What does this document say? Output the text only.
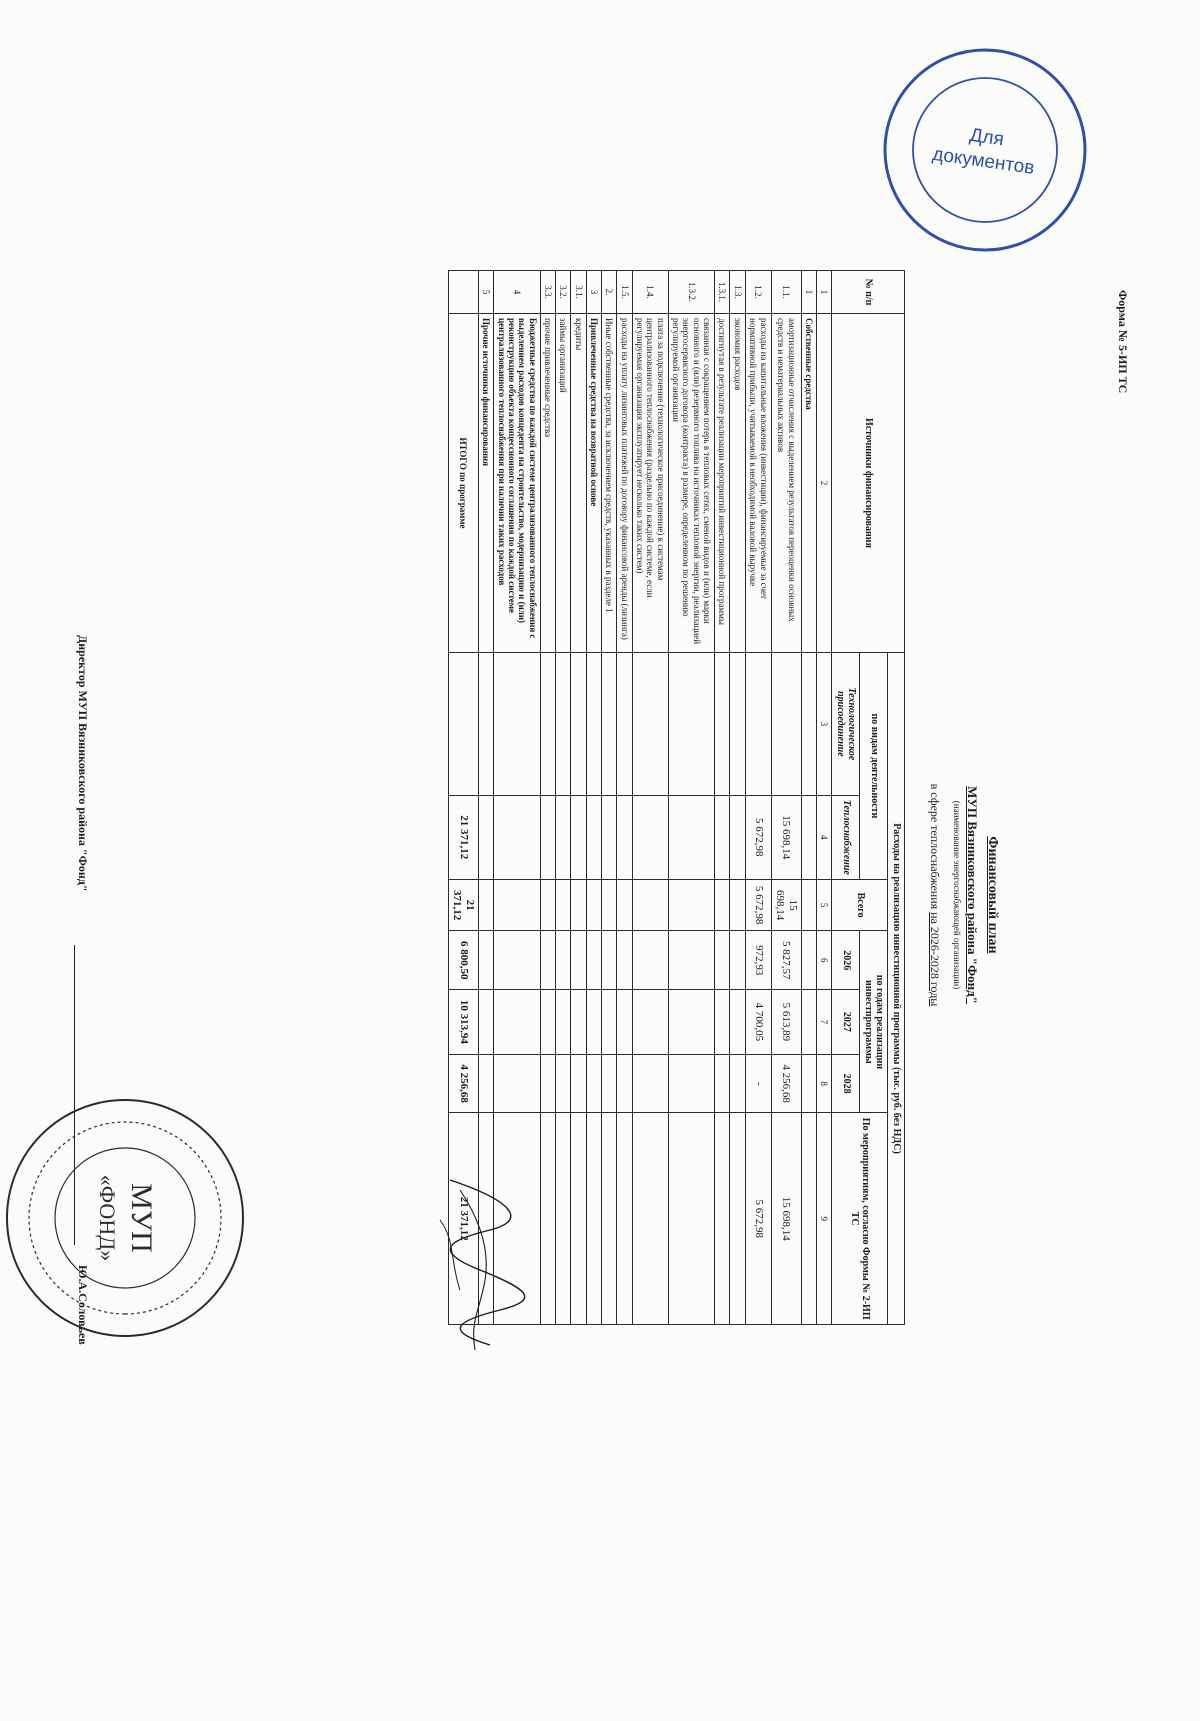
Форма № 5-ИП ТС
Финансовый план
МУП Вязниковского района "Фонд"
(наименование энергоснабжающей организации)
в сфере теплоснабжения на 2026-2028 годы
№ п/п	Источники финансирования	Расходы на реализацию инвестиционной программы (тыс. руб. без НДС)						
		по видам деятельности		Всего	по годам реализации инвестпрограммы			По мероприятиям, согласно Формы № 2-ИП ТС
		Технологическое присоединение	Теплоснабжение		2026	2027	2028	
1	2	3	4	5	6	7	8	9
1	Собственные средства							
1.1.	амортизационные отчисления с выделением результатов переоценки основных средств и нематериальных активов		15 698,14	15 698,14	5 827,57	5 613,89	4 256,68	15 698,14
1.2.	расходы на капитальные вложения (инвестиции), финансируемые за счет нормативной прибыли, учитываемой в необходимой валовой выручке		5 672,98	5 672,98	972,93	4 700,05	-	5 672,98
1.3.	экономия расходов							
1.3.1.	достигнутая в результате реализации мероприятий инвестиционной программы							
1.3.2.	связанная с сокращением потерь в тепловых сетях, сменой видов и (или) марки основного и (или) резервного топлива на источниках тепловой энергии, реализацией энергосервисного договора (контракта) в размере, определенном по решению регулируемой организации							
1.4.	плата за подключение (технологическое присоединение) к системам централизованного теплоснабжения (раздельно по каждой системе, если регулируемая организация эксплуатирует несколько таких систем)							
1.5.	расходы на уплату лизинговых платежей по договору финансовой аренды (лизинга)							
2.	Иные собственные средства, за исключением средств, указанных в разделе 1							
3	Привлеченные средства на возвратной основе							
3.1.	кредиты							
3.2.	займы организаций							
3.3.	прочие привлеченные средства							
4	Бюджетные средства по каждой системе централизованного теплоснабжения с выделением расходов концедента на строительство, модернизацию и (или) реконструкцию объекта концессионного соглашения по каждой системе централизованного теплоснабжения при наличии таких расходов							
5	Прочие источники финансирования							
	ИТОГО по программе		21 371,12	21 371,12	6 800,50	10 313,94	4 256,68	21 371,12
Директор МУП Вязниковского района "Фонд"
Ю.А.Соловьев
МУП
«ФОНД»
Для
документов
